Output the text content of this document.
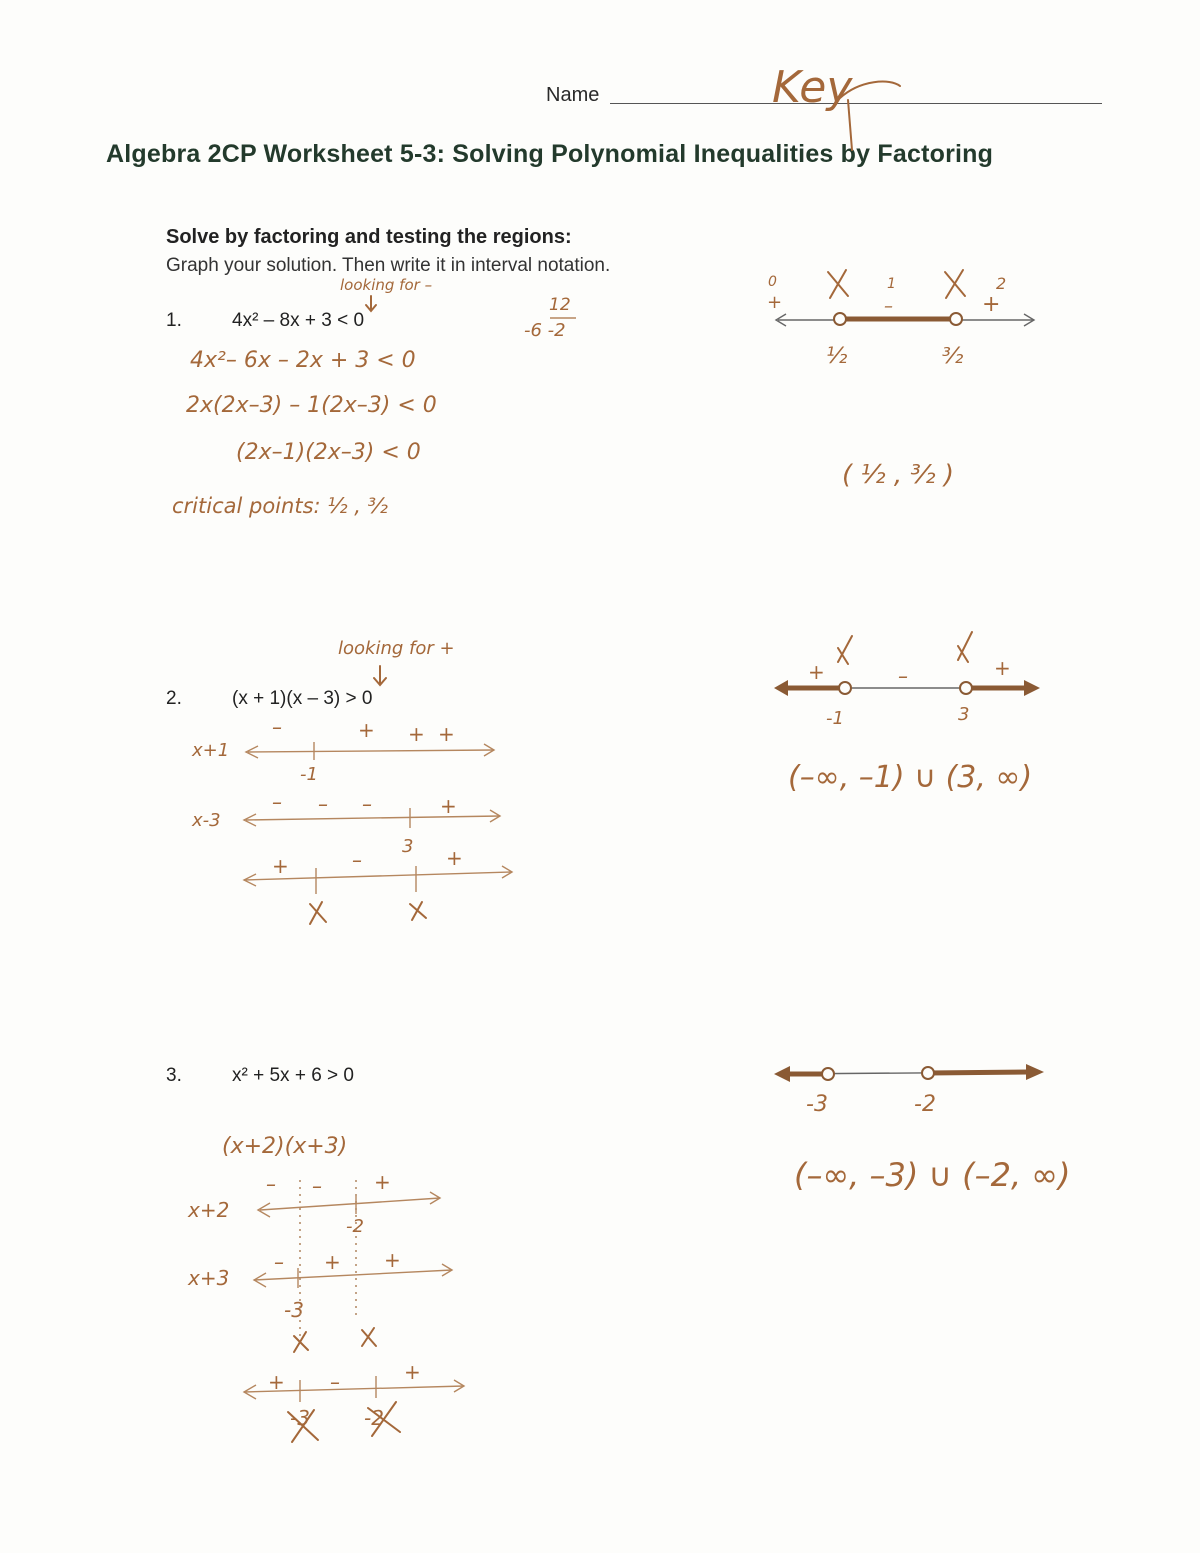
Name	Key
Algebra 2CP Worksheet 5-3: Solving Polynomial Inequalities by Factoring
Solve by factoring and testing the regions:
Graph your solution. Then write it in interval notation.
1.	4x² – 8x + 3 < 0
looking for –
12
-6 -2
4x²– 6x – 2x + 3 < 0
2x(2x–3) – 1(2x–3) < 0
(2x–1)(2x–3) < 0
critical points: ½ , ³⁄₂
0	1	2
+	–	+
½	³⁄₂
( ½ , ³⁄₂ )
looking for +
2.	(x + 1)(x – 3) > 0
x+1
–	+ + +
-1
x-3
– – –	+
3
+	–	+
+	–	+
-1	3
(–∞, –1) ∪ (3, ∞)
3.	x² + 5x + 6 > 0
(x+2)(x+3)
x+2
– –	+
-2
x+3
– + +
-3
+ –	+
-3	-2
-3	-2
(–∞, –3) ∪ (–2, ∞)
